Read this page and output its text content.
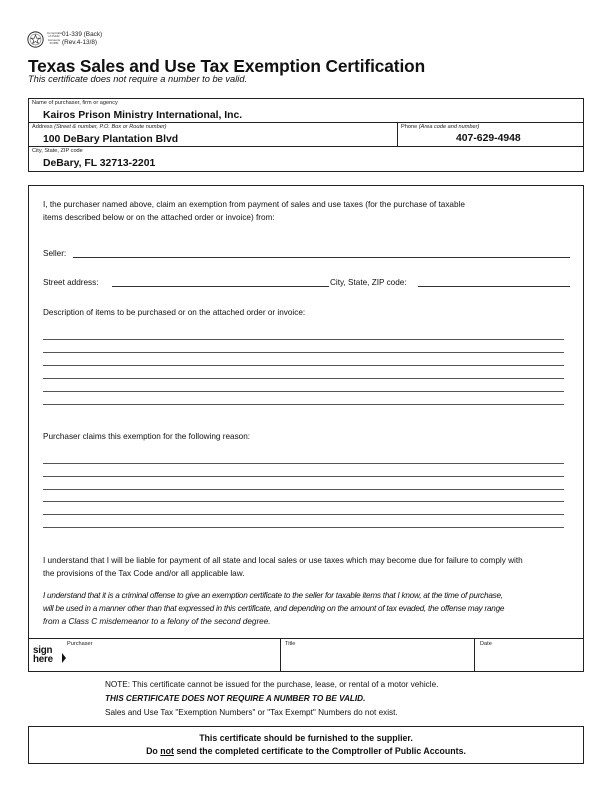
Comptroller
of Public
Accounts
FORM
01-339 (Back)
(Rev.4-13/8)
Texas Sales and Use Tax Exemption Certification
This certificate does not require a number to be valid.
Name of purchaser, firm or agency
Kairos Prison Ministry International, Inc.
Address (Street & number, P.O. Box or Route number)
100 DeBary Plantation Blvd
Phone (Area code and number)
407-629-4948
City, State, ZIP code
DeBary, FL 32713-2201
I, the purchaser named above, claim an exemption from payment of sales and use taxes (for the purchase of taxable
items described below or on the attached order or invoice) from:
Seller:
Street address:	City, State, ZIP code:
Description of items to be purchased or on the attached order or invoice:
Purchaser claims this exemption for the following reason:
I understand that I will be liable for payment of all state and local sales or use taxes which may become due for failure to comply with
the provisions of the Tax Code and/or all applicable law.
I understand that it is a criminal offense to give an exemption certificate to the seller for taxable items that I know, at the time of purchase,
will be used in a manner other than that expressed in this certificate, and depending on the amount of tax evaded, the offense may range
from a Class C misdemeanor to a felony of the second degree.
sign
here
Purchaser	Title	Date
NOTE: This certificate cannot be issued for the purchase, lease, or rental of a motor vehicle.
THIS CERTIFICATE DOES NOT REQUIRE A NUMBER TO BE VALID.
Sales and Use Tax "Exemption Numbers" or "Tax Exempt" Numbers do not exist.
This certificate should be furnished to the supplier.
Do not send the completed certificate to the Comptroller of Public Accounts.
